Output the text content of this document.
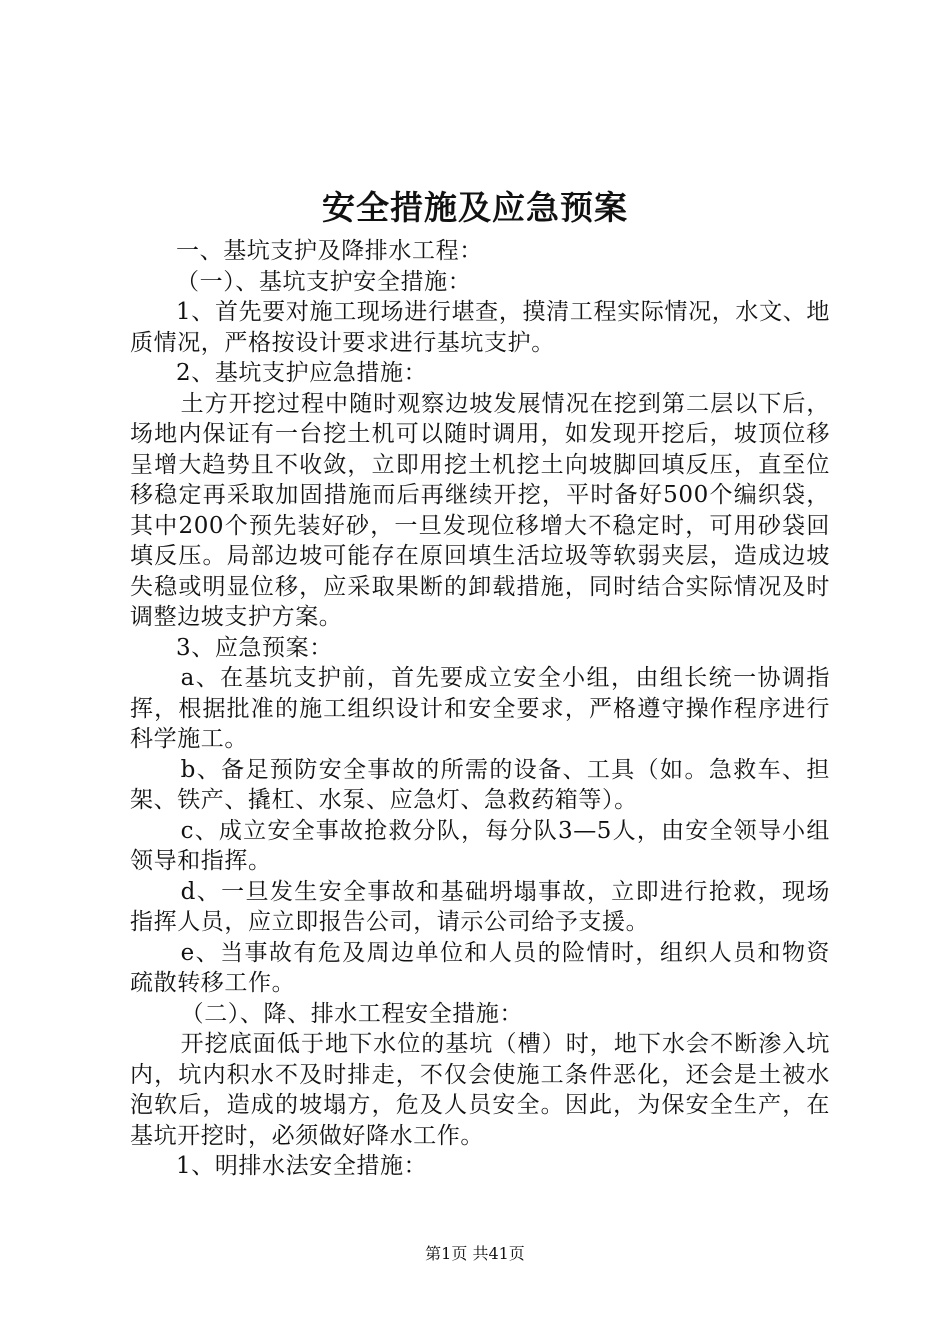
安全措施及应急预案

一、基坑支护及降排水工程：

（一）、基坑支护安全措施：

1、首先要对施工现场进行堪查，摸清工程实际情况，水文、地质情况，严格按设计要求进行基坑支护。

2、基坑支护应急措施：

土方开挖过程中随时观察边坡发展情况在挖到第二层以下后，场地内保证有一台挖土机可以随时调用，如发现开挖后，坡顶位移呈增大趋势且不收敛，立即用挖土机挖土向坡脚回填反压，直至位移稳定再采取加固措施而后再继续开挖，平时备好500个编织袋，其中200个预先装好砂，一旦发现位移增大不稳定时，可用砂袋回填反压。局部边坡可能存在原回填生活垃圾等软弱夹层，造成边坡失稳或明显位移，应采取果断的卸载措施，同时结合实际情况及时调整边坡支护方案。

3、应急预案：

a、在基坑支护前，首先要成立安全小组，由组长统一协调指挥，根据批准的施工组织设计和安全要求，严格遵守操作程序进行科学施工。

b、备足预防安全事故的所需的设备、工具（如。急救车、担架、铁产、撬杠、水泵、应急灯、急救药箱等）。

c、成立安全事故抢救分队，每分队3—5人，由安全领导小组领导和指挥。

d、一旦发生安全事故和基础坍塌事故，立即进行抢救，现场指挥人员，应立即报告公司，请示公司给予支援。

e、当事故有危及周边单位和人员的险情时，组织人员和物资疏散转移工作。

（二）、降、排水工程安全措施：

开挖底面低于地下水位的基坑（槽）时，地下水会不断渗入坑内，坑内积水不及时排走，不仅会使施工条件恶化，还会是土被水泡软后，造成的坡塌方，危及人员安全。因此，为保安全生产，在基坑开挖时，必须做好降水工作。

1、明排水法安全措施：

第1页 共41页
